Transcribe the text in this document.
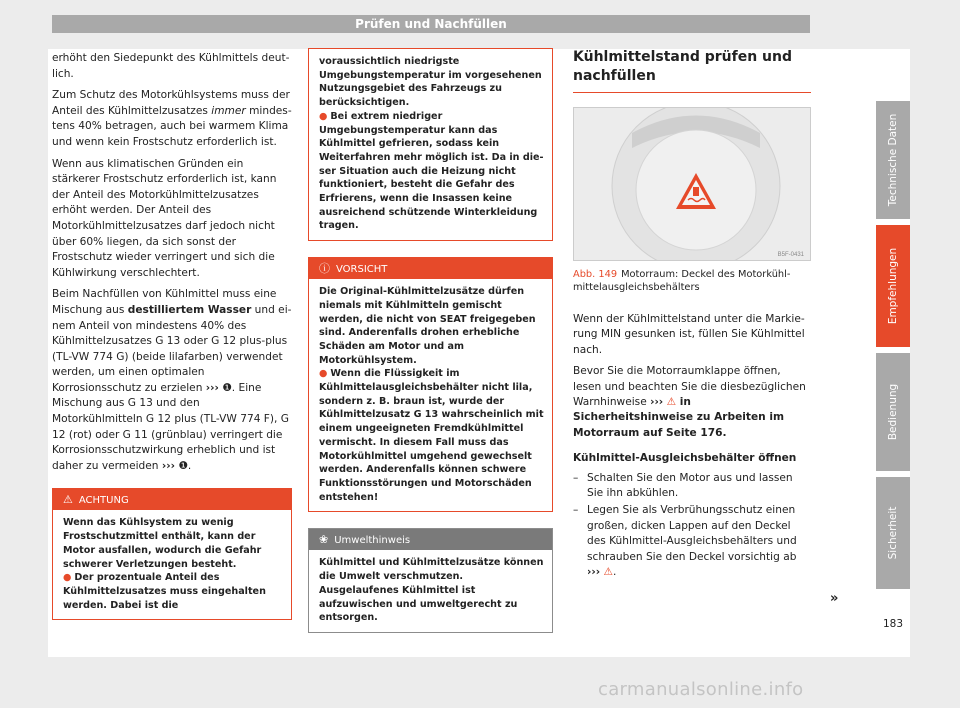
Prüfen und Nachfüllen

erhöht den Siedepunkt des Kühlmittels deutlich.

Zum Schutz des Motorkühlsystems muss der Anteil des Kühlmittelzusatzes immer mindestens 40% betragen, auch bei warmem Klima und wenn kein Frostschutz erforderlich ist.

Wenn aus klimatischen Gründen ein stärkerer Frostschutz erforderlich ist, kann der Anteil des Motorkühlmittelzusatzes erhöht werden. Der Anteil des Motorkühlmittelzusatzes darf jedoch nicht über 60% liegen, da sich sonst der Frostschutz wieder verringert und sich die Kühlwirkung verschlechtert.

Beim Nachfüllen von Kühlmittel muss eine Mischung aus destilliertem Wasser und einem Anteil von mindestens 40% des Kühlmittelzusatzes G 13 oder G 12 plus-plus (TL-VW 774 G) (beide lilafarben) verwendet werden, um einen optimalen Korrosionsschutz zu erzielen ››› ❶. Eine Mischung aus G 13 und den Motorkühlmitteln G 12 plus (TL-VW 774 F), G 12 (rot) oder G 11 (grünblau) verringert die Korrosionsschutzwirkung erheblich und ist daher zu vermeiden ››› ❶.

⚠ ACHTUNG
Wenn das Kühlsystem zu wenig Frostschutzmittel enthält, kann der Motor ausfallen, wodurch die Gefahr schwerer Verletzungen besteht.
● Der prozentuale Anteil des Kühlmittelzusatzes muss eingehalten werden. Dabei ist die
voraussichtlich niedrigste Umgebungstemperatur im vorgesehenen Nutzungsgebiet des Fahrzeugs zu berücksichtigen.
● Bei extrem niedriger Umgebungstemperatur kann das Kühlmittel gefrieren, sodass kein Weiterfahren mehr möglich ist. Da in dieser Situation auch die Heizung nicht funktioniert, besteht die Gefahr des Erfrierens, wenn die Insassen keine ausreichend schützende Winterkleidung tragen.
ⓘ VORSICHT
Die Original-Kühlmittelzusätze dürfen niemals mit Kühlmitteln gemischt werden, die nicht von SEAT freigegeben sind. Anderenfalls drohen erhebliche Schäden am Motor und am Motorkühlsystem.
● Wenn die Flüssigkeit im Kühlmittelausgleichsbehälter nicht lila, sondern z. B. braun ist, wurde der Kühlmittelzusatz G 13 wahrscheinlich mit einem ungeeigneten Fremdkühlmittel vermischt. In diesem Fall muss das Motorkühlmittel umgehend gewechselt werden. Anderenfalls können schwere Funktionsstörungen und Motorschäden entstehen!
❀ Umwelthinweis
Kühlmittel und Kühlmittelzusätze können die Umwelt verschmutzen. Ausgelaufenes Kühlmittel ist aufzuwischen und umweltgerecht zu entsorgen.
Kühlmittelstand prüfen und nachfüllen
B5F-0431
Abb. 149 Motorraum: Deckel des Motorkühlmittelausgleichsbehälters

Wenn der Kühlmittelstand unter die Markierung MIN gesunken ist, füllen Sie Kühlmittel nach.

Bevor Sie die Motorraumklappe öffnen, lesen und beachten Sie die diesbezüglichen Warnhinweise ››› ⚠ in Sicherheitshinweise zu Arbeiten im Motorraum auf Seite 176.

Kühlmittel-Ausgleichsbehälter öffnen
– Schalten Sie den Motor aus und lassen Sie ihn abkühlen.
– Legen Sie als Verbrühungsschutz einen großen, dicken Lappen auf den Deckel des Kühlmittel-Ausgleichsbehälters und schrauben Sie den Deckel vorsichtig ab
››› ⚠.
»
Technische Daten
Empfehlungen
Bedienung
Sicherheit
183
carmanualsonline.info
